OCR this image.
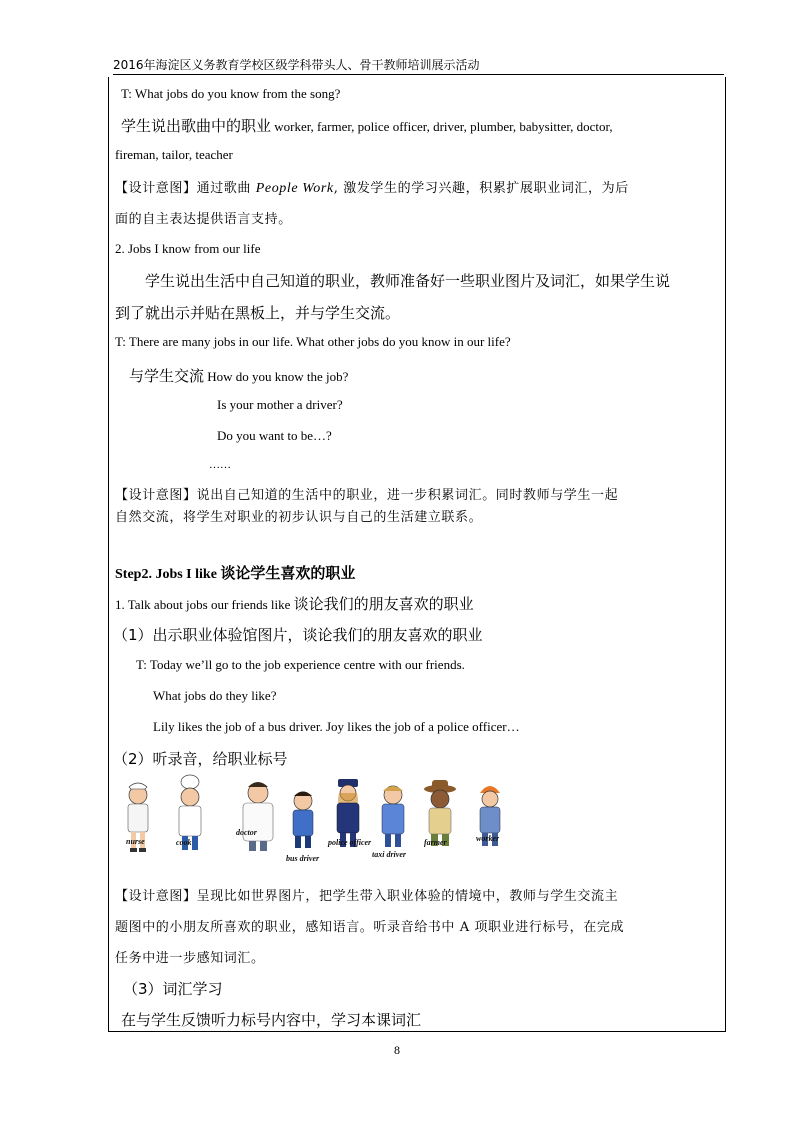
2016年海淀区义务教育学校区级学科带头人、骨干教师培训展示活动
T: What jobs do you know from the song?
学生说出歌曲中的职业 worker, farmer, police officer, driver, plumber, babysitter, doctor,
fireman, tailor, teacher
【设计意图】通过歌曲 People Work, 激发学生的学习兴趣，积累扩展职业词汇，为后
面的自主表达提供语言支持。
2. Jobs I know from our life
学生说出生活中自己知道的职业，教师准备好一些职业图片及词汇，如果学生说
到了就出示并贴在黑板上，并与学生交流。
T: There are many jobs in our life. What other jobs do you know in our life?
与学生交流 How do you know the job?
Is your mother a driver?
Do you want to be…?
……
【设计意图】说出自己知道的生活中的职业，进一步积累词汇。同时教师与学生一起
自然交流，将学生对职业的初步认识与自己的生活建立联系。
Step2. Jobs I like 谈论学生喜欢的职业
1. Talk about jobs our friends like 谈论我们的朋友喜欢的职业
（1）出示职业体验馆图片，谈论我们的朋友喜欢的职业
T: Today we’ll go to the job experience centre with our friends.
What jobs do they like?
Lily likes the job of a bus driver. Joy likes the job of a police officer…
（2）听录音，给职业标号
nurse	cook
doctor
bus driver
police officer
taxi driver
farmer	worker
【设计意图】呈现比如世界图片，把学生带入职业体验的情境中，教师与学生交流主
题图中的小朋友所喜欢的职业，感知语言。听录音给书中 A 项职业进行标号，在完成
任务中进一步感知词汇。
（3）词汇学习
在与学生反馈听力标号内容中，学习本课词汇
8
